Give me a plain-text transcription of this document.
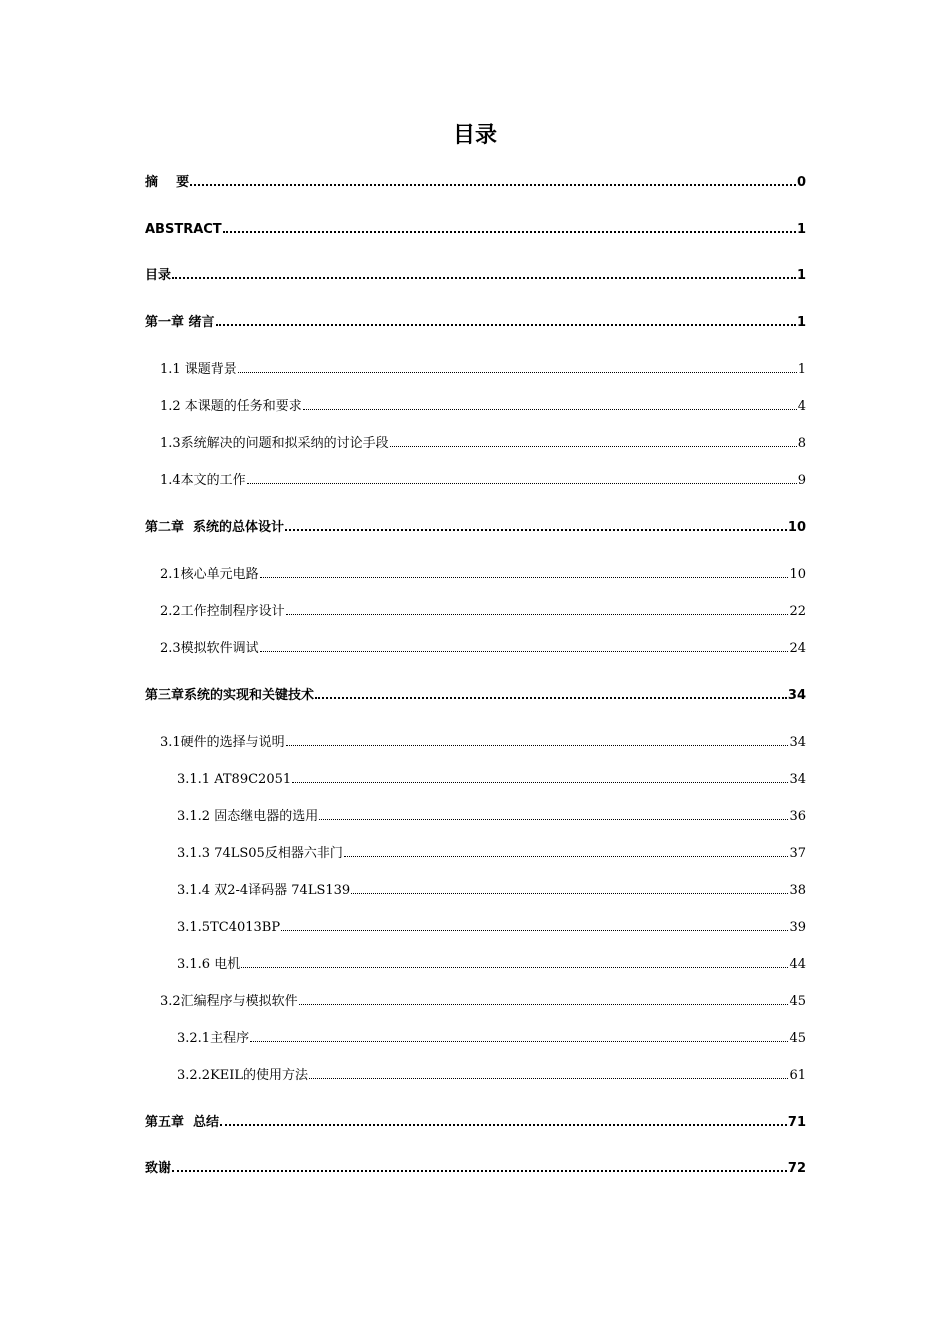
目录
摘    要	0
ABSTRACT	1
目录	1
第一章 绪言	1
1.1 课题背景	1
1.2 本课题的任务和要求	4
1.3系统解决的问题和拟采纳的讨论手段	8
1.4本文的工作	9
第二章  系统的总体设计	10
2.1核心单元电路	10
2.2工作控制程序设计	22
2.3模拟软件调试	24
第三章系统的实现和关键技术	34
3.1硬件的选择与说明	34
3.1.1 AT89C2051	34
3.1.2 固态继电器的选用	36
3.1.3 74LS05反相器六非门	37
3.1.4 双2-4译码器 74LS139	38
3.1.5TC4013BP	39
3.1.6 电机	44
3.2汇编程序与模拟软件	45
3.2.1主程序	45
3.2.2KEIL的使用方法	61
第五章  总结	71
致谢	72
